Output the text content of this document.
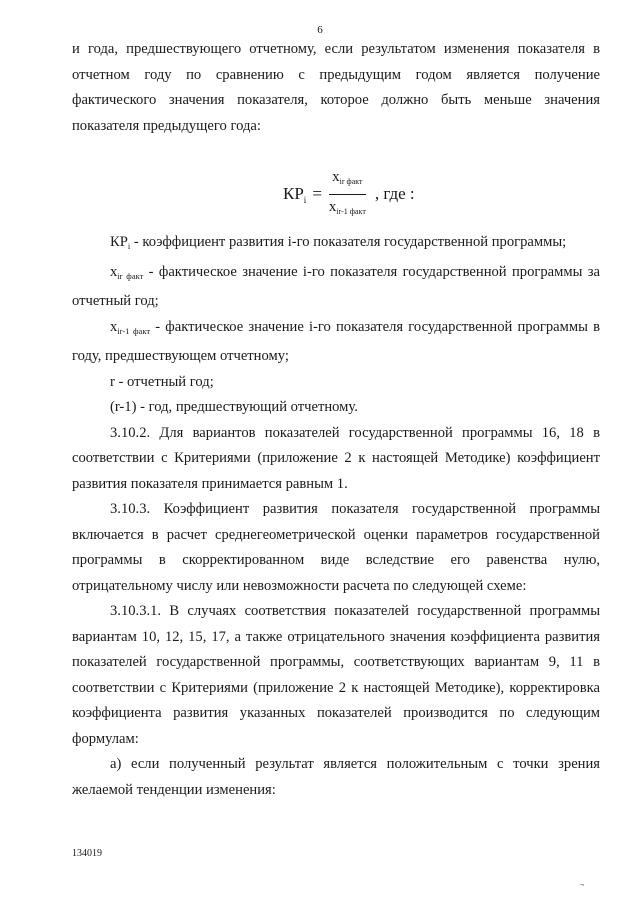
6

и года, предшествующего отчетному, если результатом изменения показателя в отчетном году по сравнению с предыдущим годом является получение фактического значения показателя, которое должно быть меньше значения показателя предыдущего года:

$КР_i = \frac{x_{ir факт}}{x_{ir-1 факт}}$ , где :

$КР_i$ - коэффициент развития i-го показателя государственной программы;

$x_{ir факт}$ - фактическое значение i-го показателя государственной программы за отчетный год;

$x_{ir-1 факт}$ - фактическое значение i-го показателя государственной программы в году, предшествующем отчетному;

r - отчетный год;

(r-1) - год, предшествующий отчетному.

3.10.2. Для вариантов показателей государственной программы 16, 18 в соответствии с Критериями (приложение 2 к настоящей Методике) коэффициент развития показателя принимается равным 1.

3.10.3. Коэффициент развития показателя государственной программы включается в расчет среднегеометрической оценки параметров государственной программы в скорректированном виде вследствие его равенства нулю, отрицательному числу или невозможности расчета по следующей схеме:

3.10.3.1. В случаях соответствия показателей государственной программы вариантам 10, 12, 15, 17, а также отрицательного значения коэффициента развития показателей государственной программы, соответствующих вариантам 9, 11 в соответствии с Критериями (приложение 2 к настоящей Методике), корректировка коэффициента развития указанных показателей производится по следующим формулам:

а) если полученный результат является положительным с точки зрения желаемой тенденции изменения:

134019
.,
